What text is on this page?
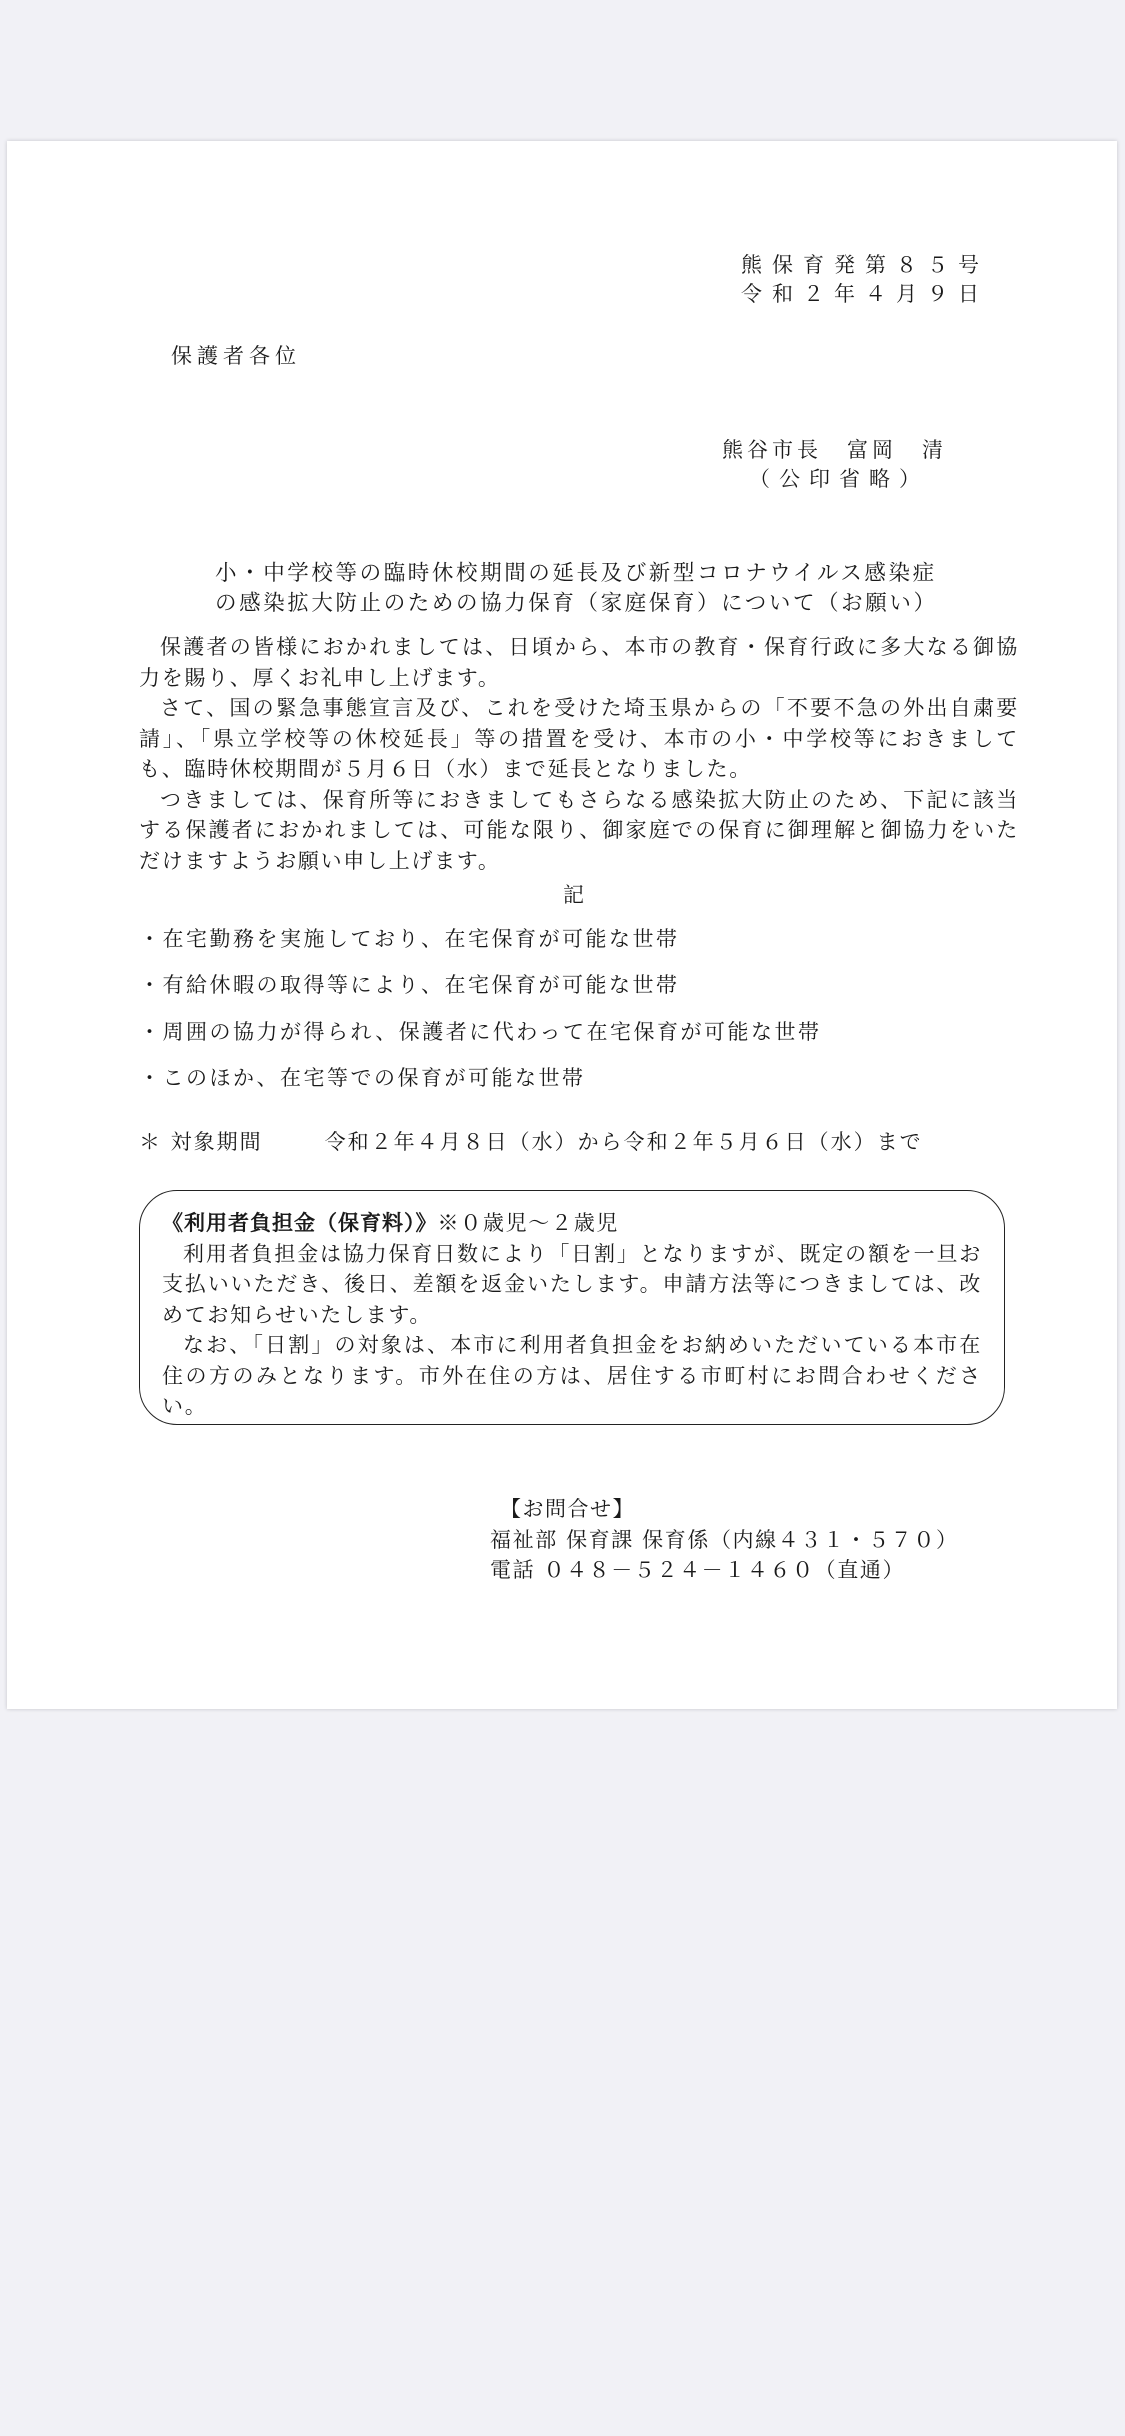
熊保育発第８５号
令和２年４月９日
保護者各位
熊谷市長　富岡　清
（公印省略）
小・中学校等の臨時休校期間の延長及び新型コロナウイルス感染症
の感染拡大防止のための協力保育（家庭保育）について（お願い）

保護者の皆様におかれましては、日頃から、本市の教育・保育行政に多大なる御協力を賜り、厚くお礼申し上げます。

さて、国の緊急事態宣言及び、これを受けた埼玉県からの「不要不急の外出自粛要請」、「県立学校等の休校延長」等の措置を受け、本市の小・中学校等におきましても、臨時休校期間が５月６日（水）まで延長となりました。

つきましては、保育所等におきましてもさらなる感染拡大防止のため、下記に該当する保護者におかれましては、可能な限り、御家庭での保育に御理解と御協力をいただけますようお願い申し上げます。

記
・在宅勤務を実施しており、在宅保育が可能な世帯
・有給休暇の取得等により、在宅保育が可能な世帯
・周囲の協力が得られ、保護者に代わって在宅保育が可能な世帯
・このほか、在宅等での保育が可能な世帯
＊ 対象期間	令和２年４月８日（水）から令和２年５月６日（水）まで

《利用者負担金（保育料）》※０歳児～２歳児

利用者負担金は協力保育日数により「日割」となりますが、既定の額を一旦お支払いいただき、後日、差額を返金いたします。申請方法等につきましては、改めてお知らせいたします。

なお、「日割」の対象は、本市に利用者負担金をお納めいただいている本市在住の方のみとなります。市外在住の方は、居住する市町村にお問合わせください。

【お問合せ】
福祉部 保育課 保育係（内線４３１・５７０）
電話 ０４８－５２４－１４６０（直通）
